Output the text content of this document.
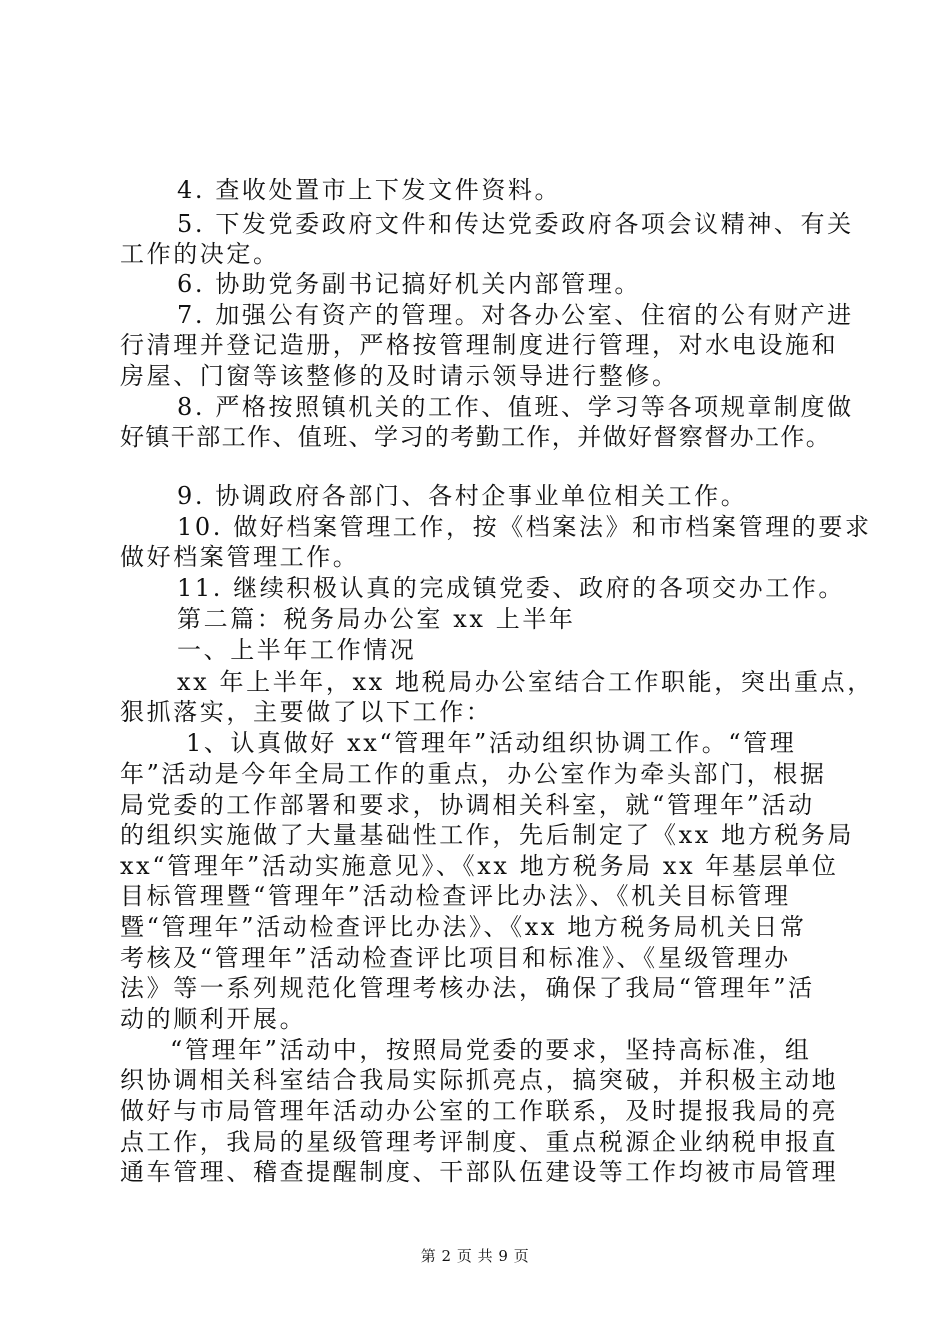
4. 查收处置市上下发文件资料。
5. 下发党委政府文件和传达党委政府各项会议精神、有关
工作的决定。
6. 协助党务副书记搞好机关内部管理。
7. 加强公有资产的管理。对各办公室、住宿的公有财产进
行清理并登记造册，严格按管理制度进行管理，对水电设施和
房屋、门窗等该整修的及时请示领导进行整修。
8. 严格按照镇机关的工作、值班、学习等各项规章制度做
好镇干部工作、值班、学习的考勤工作，并做好督察督办工作。
9. 协调政府各部门、各村企事业单位相关工作。
10. 做好档案管理工作，按《档案法》和市档案管理的要求
做好档案管理工作。
11. 继续积极认真的完成镇党委、政府的各项交办工作。
第二篇：税务局办公室 xx 上半年
一、上半年工作情况
xx 年上半年，xx 地税局办公室结合工作职能，突出重点，
狠抓落实，主要做了以下工作：
1、认真做好 xx“管理年”活动组织协调工作。“管理
年”活动是今年全局工作的重点，办公室作为牵头部门，根据
局党委的工作部署和要求，协调相关科室，就“管理年”活动
的组织实施做了大量基础性工作，先后制定了《xx 地方税务局
xx“管理年”活动实施意见》、《xx 地方税务局 xx 年基层单位
目标管理暨“管理年”活动检查评比办法》、《机关目标管理
暨“管理年”活动检查评比办法》、《xx 地方税务局机关日常
考核及“管理年”活动检查评比项目和标准》、《星级管理办
法》等一系列规范化管理考核办法，确保了我局“管理年”活
动的顺利开展。
“管理年”活动中，按照局党委的要求，坚持高标准，组
织协调相关科室结合我局实际抓亮点，搞突破，并积极主动地
做好与市局管理年活动办公室的工作联系，及时提报我局的亮
点工作，我局的星级管理考评制度、重点税源企业纳税申报直
通车管理、稽查提醒制度、干部队伍建设等工作均被市局管理
第 2 页 共 9 页
